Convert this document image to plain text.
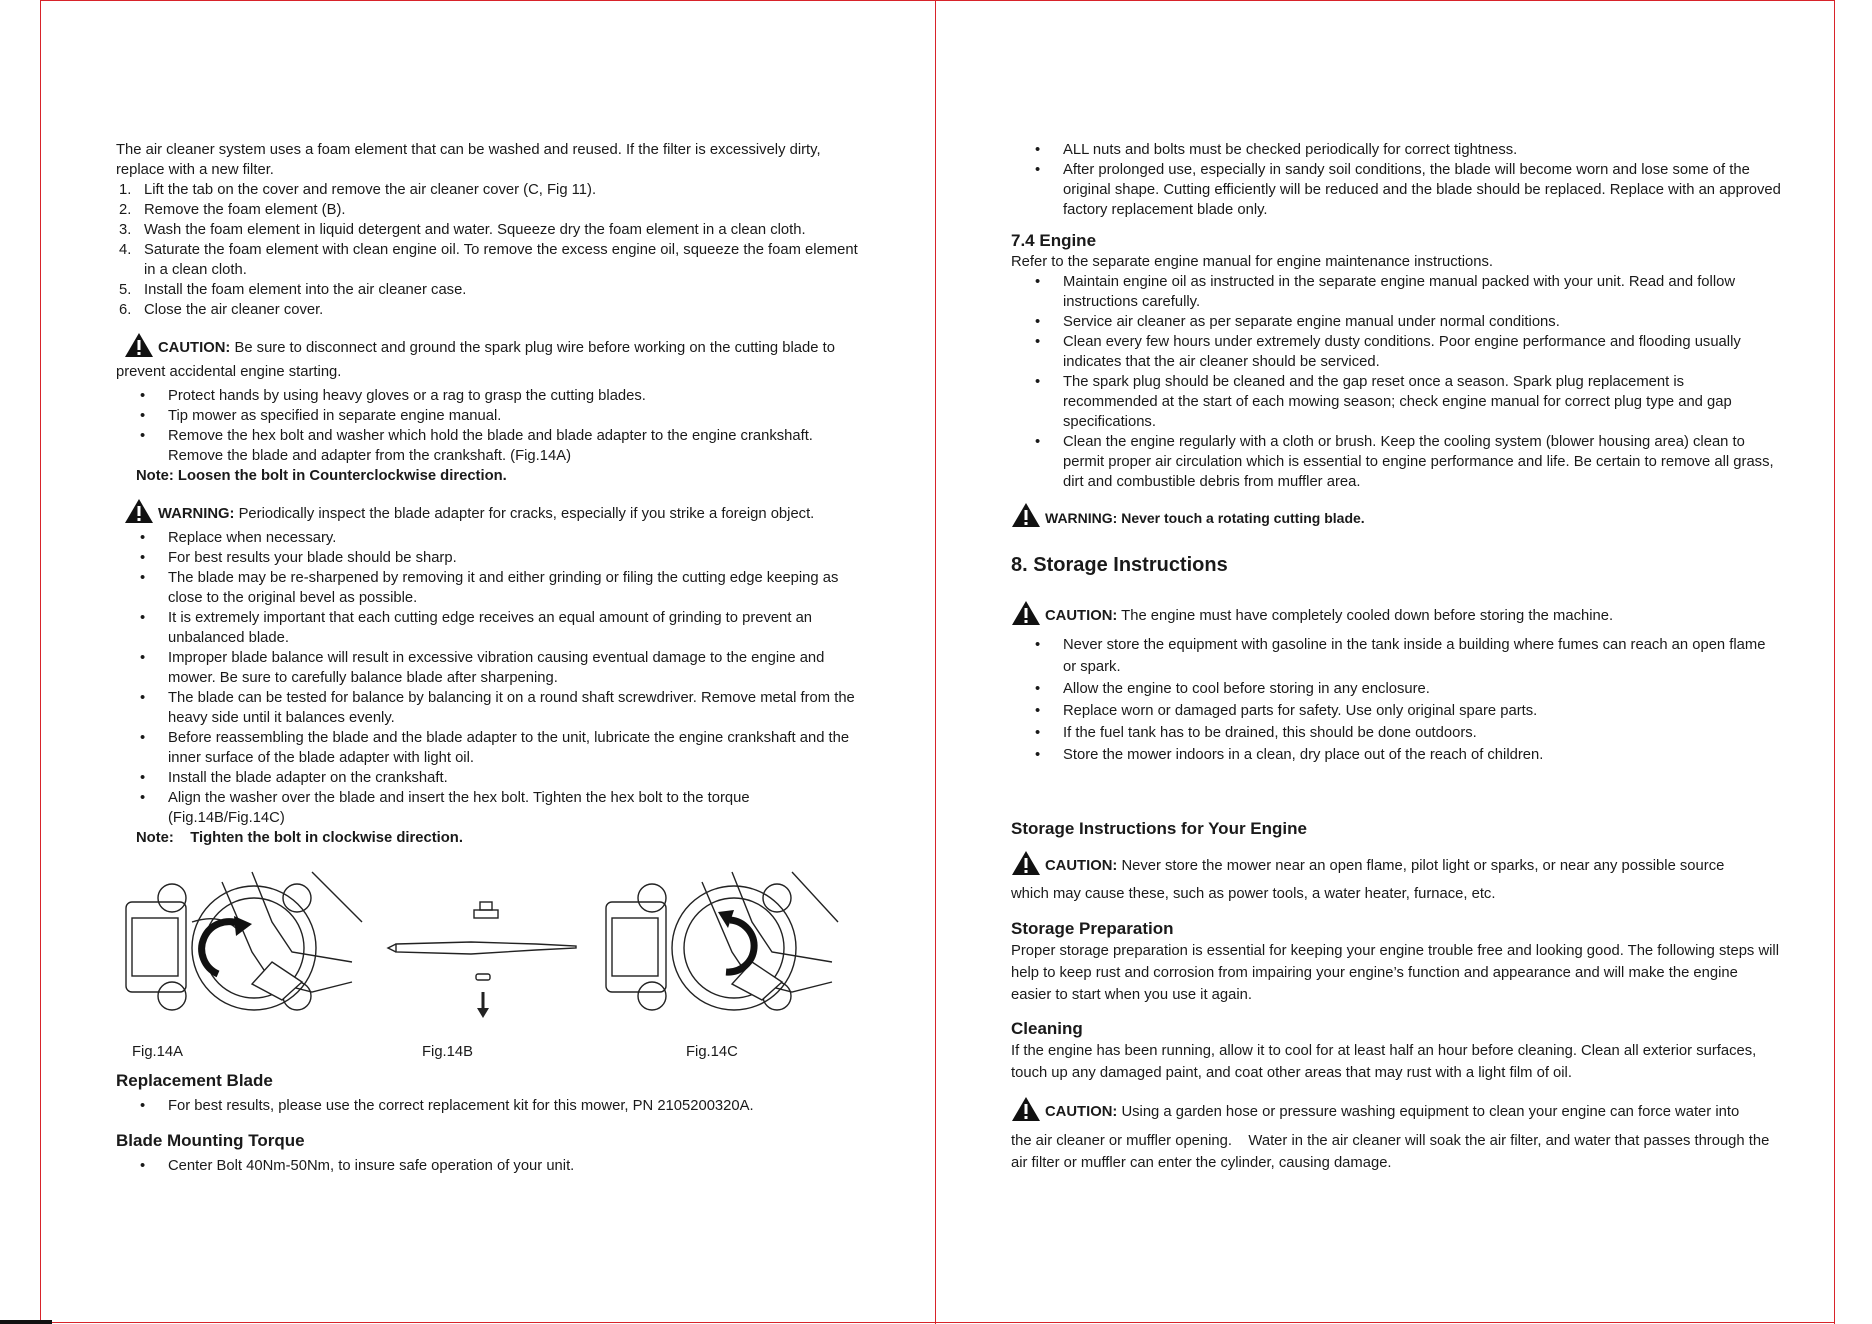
The air cleaner system uses a foam element that can be washed and reused. If the filter is excessively dirty, replace with a new filter.

1. Lift the tab on the cover and remove the air cleaner cover (C, Fig 11).
2. Remove the foam element (B).
3. Wash the foam element in liquid detergent and water. Squeeze dry the foam element in a clean cloth.
4. Saturate the foam element with clean engine oil. To remove the excess engine oil, squeeze the foam element in a clean cloth.
5. Install the foam element into the air cleaner case.
6. Close the air cleaner cover.
CAUTION: Be sure to disconnect and ground the spark plug wire before working on the cutting blade to

prevent accidental engine starting.

• Protect hands by using heavy gloves or a rag to grasp the cutting blades.
• Tip mower as specified in separate engine manual.
• Remove the hex bolt and washer which hold the blade and blade adapter to the engine crankshaft. Remove the blade and adapter from the crankshaft. (Fig.14A)

Note: Loosen the bolt in Counterclockwise direction.

WARNING: Periodically inspect the blade adapter for cracks, especially if you strike a foreign object.
• Replace when necessary.
• For best results your blade should be sharp.
• The blade may be re-sharpened by removing it and either grinding or filing the cutting edge keeping as close to the original bevel as possible.
• It is extremely important that each cutting edge receives an equal amount of grinding to prevent an unbalanced blade.
• Improper blade balance will result in excessive vibration causing eventual damage to the engine and mower. Be sure to carefully balance blade after sharpening.
• The blade can be tested for balance by balancing it on a round shaft screwdriver. Remove metal from the heavy side until it balances evenly.
• Before reassembling the blade and the blade adapter to the unit, lubricate the engine crankshaft and the inner surface of the blade adapter with light oil.
• Install the blade adapter on the crankshaft.
• Align the washer over the blade and insert the hex bolt. Tighten the hex bolt to the torque (Fig.14B/Fig.14C)

Note:    Tighten the bolt in clockwise direction.

Fig.14A	Fig.14B	Fig.14C
Replacement Blade
• For best results, please use the correct replacement kit for this mower, PN 2105200320A.
Blade Mounting Torque
• Center Bolt 40Nm-50Nm, to insure safe operation of your unit.
• ALL nuts and bolts must be checked periodically for correct tightness.
• After prolonged use, especially in sandy soil conditions, the blade will become worn and lose some of the original shape. Cutting efficiently will be reduced and the blade should be replaced. Replace with an approved factory replacement blade only.
7.4 Engine

Refer to the separate engine manual for engine maintenance instructions.

• Maintain engine oil as instructed in the separate engine manual packed with your unit. Read and follow instructions carefully.
• Service air cleaner as per separate engine manual under normal conditions.
• Clean every few hours under extremely dusty conditions. Poor engine performance and flooding usually indicates that the air cleaner should be serviced.
• The spark plug should be cleaned and the gap reset once a season. Spark plug replacement is recommended at the start of each mowing season; check engine manual for correct plug type and gap specifications.
• Clean the engine regularly with a cloth or brush. Keep the cooling system (blower housing area) clean to permit proper air circulation which is essential to engine performance and life. Be certain to remove all grass, dirt and combustible debris from muffler area.
WARNING: Never touch a rotating cutting blade.
8. Storage Instructions
CAUTION: The engine must have completely cooled down before storing the machine.
• Never store the equipment with gasoline in the tank inside a building where fumes can reach an open flame or spark.
• Allow the engine to cool before storing in any enclosure.
• Replace worn or damaged parts for safety. Use only original spare parts.
• If the fuel tank has to be drained, this should be done outdoors.
• Store the mower indoors in a clean, dry place out of the reach of children.
Storage Instructions for Your Engine
CAUTION: Never store the mower near an open flame, pilot light or sparks, or near any possible source

which may cause these, such as power tools, a water heater, furnace, etc.

Storage Preparation

Proper storage preparation is essential for keeping your engine trouble free and looking good. The following steps will help to keep rust and corrosion from impairing your engine’s function and appearance and will make the engine easier to start when you use it again.

Cleaning

If the engine has been running, allow it to cool for at least half an hour before cleaning. Clean all exterior surfaces, touch up any damaged paint, and coat other areas that may rust with a light film of oil.

CAUTION: Using a garden hose or pressure washing equipment to clean your engine can force water into

the air cleaner or muffler opening.    Water in the air cleaner will soak the air filter, and water that passes through the air filter or muffler can enter the cylinder, causing damage.
